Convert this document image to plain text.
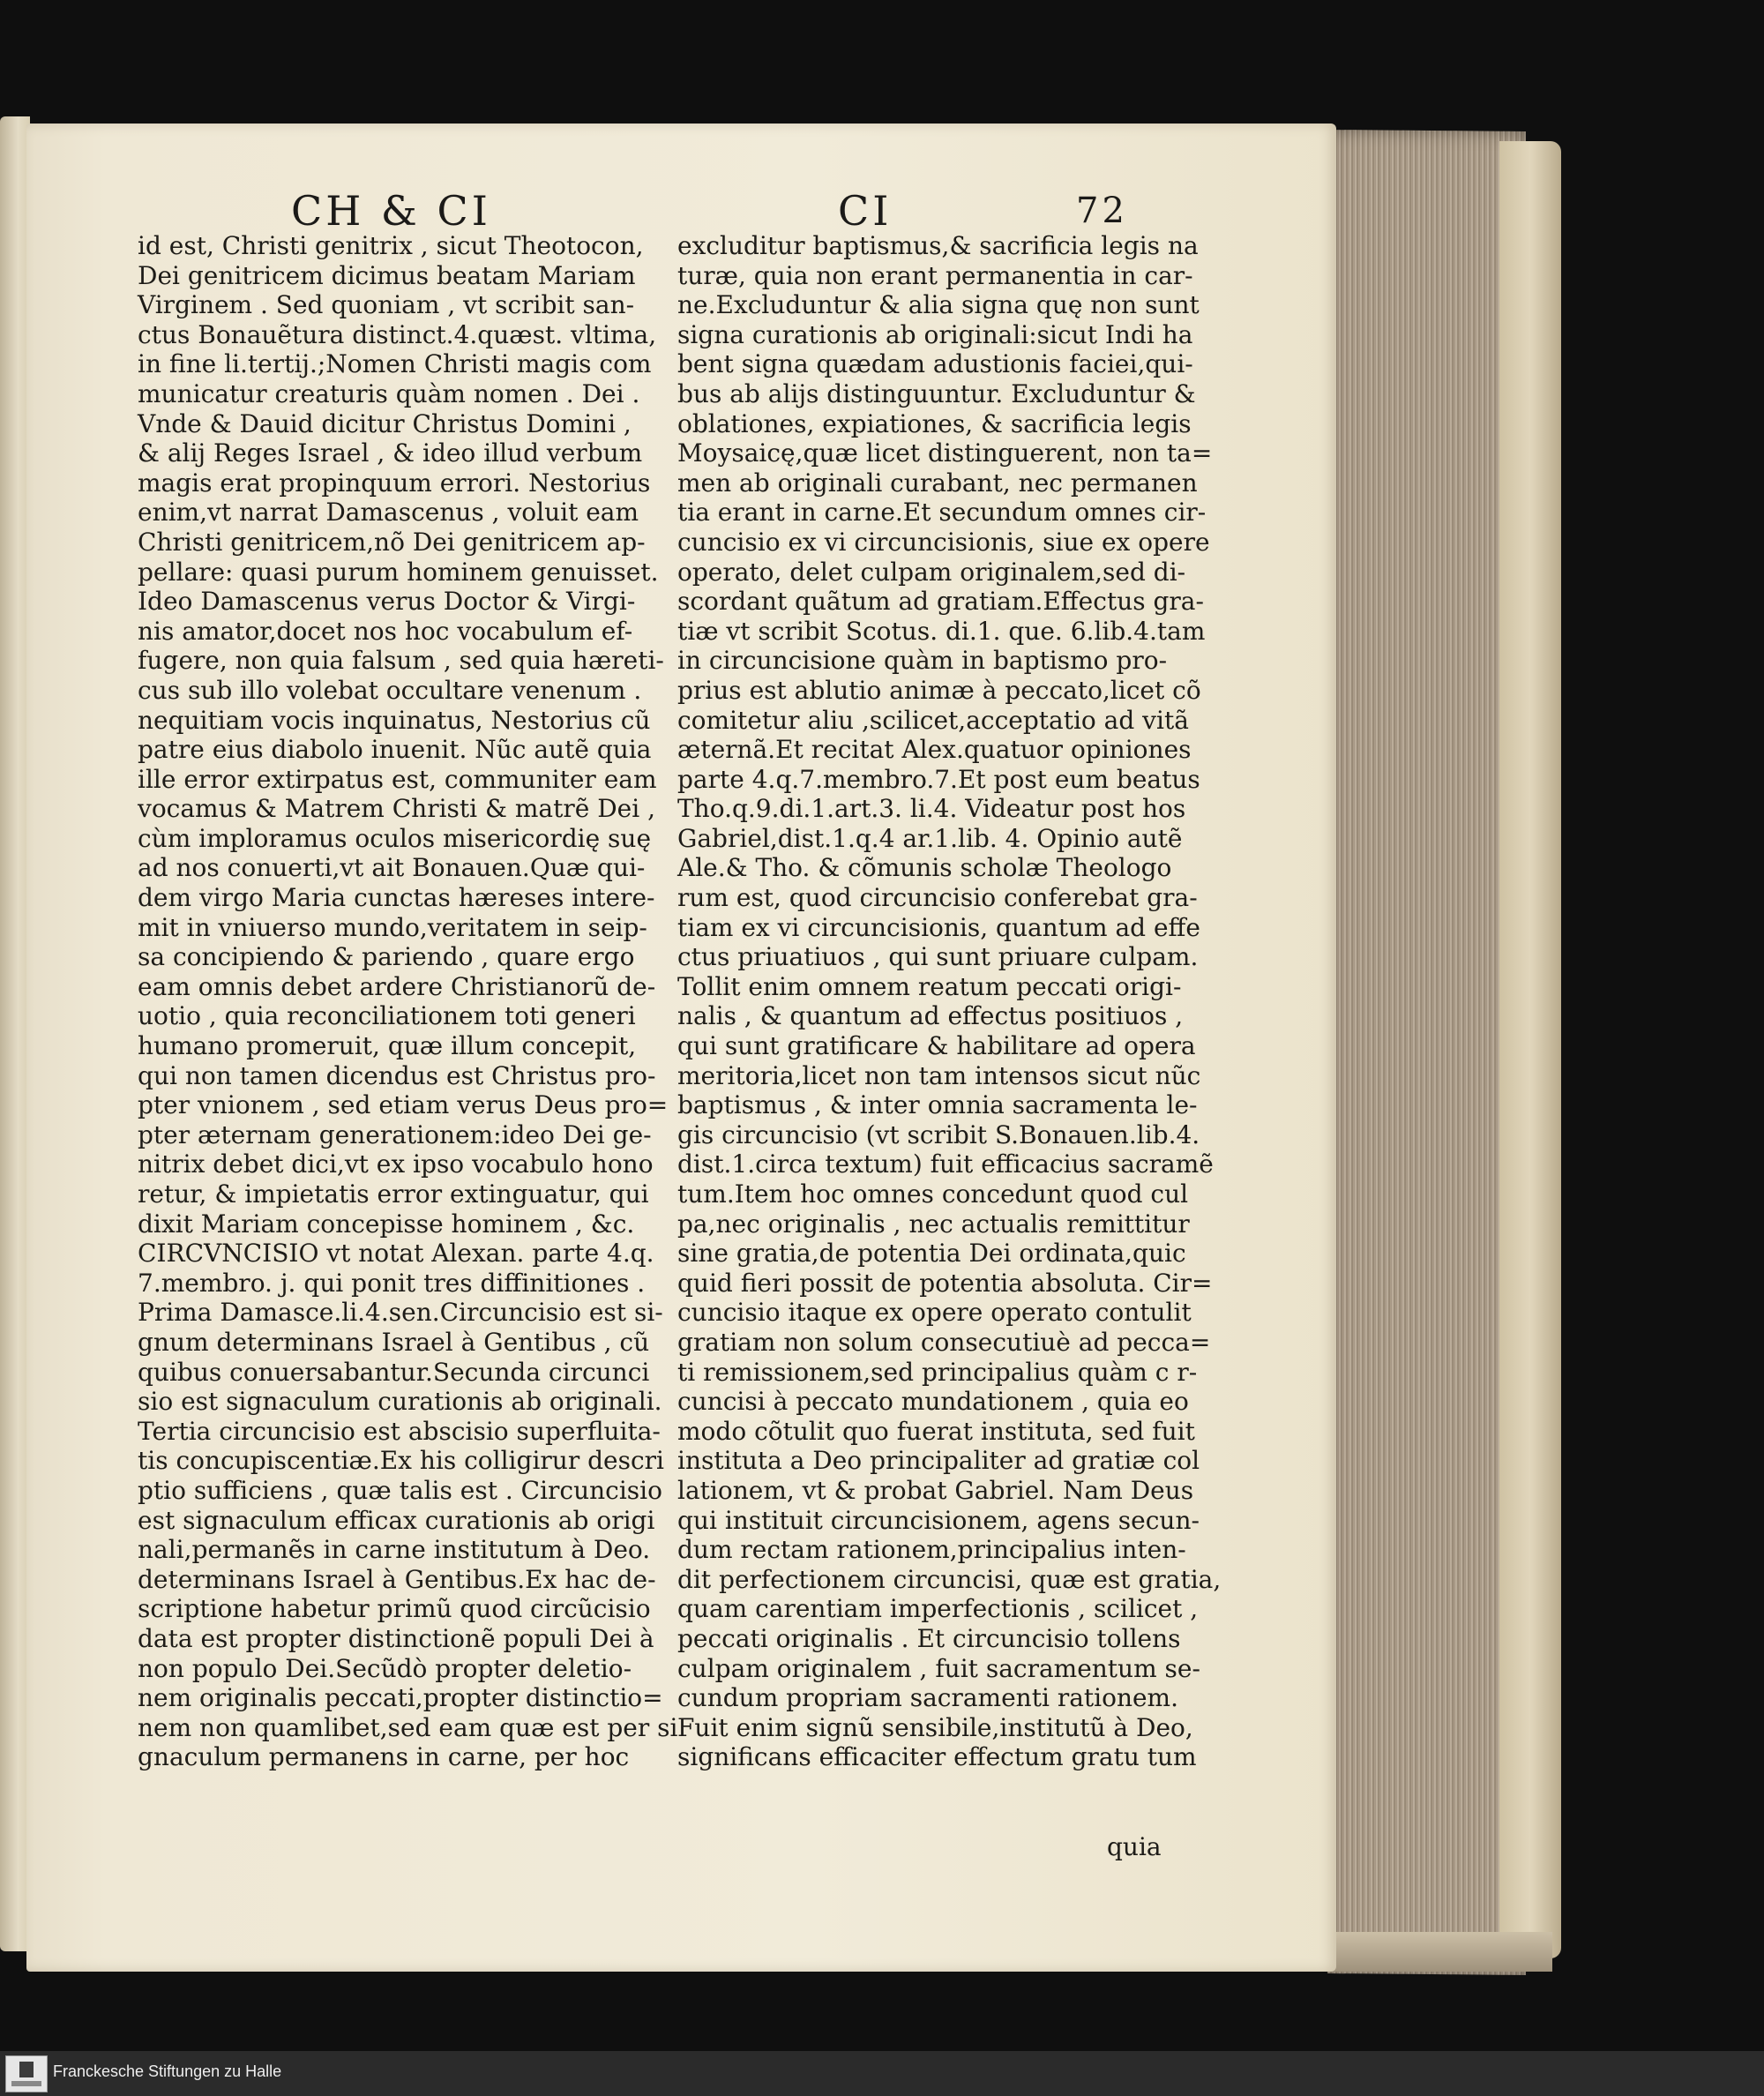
CH & CI	CI	72
id est, Christi genitrix , sicut Theotocon,
Dei genitricem dicimus beatam Mariam
Virginem . Sed quoniam , vt scribit san-
ctus Bonauẽtura distinct.4.quæst. vltima,
in fine li.tertij.;Nomen Christi magis com
municatur creaturis quàm nomen . Dei .
Vnde & Dauid dicitur Christus Domini ,
& alij Reges Israel , & ideo illud verbum
magis erat propinquum errori. Nestorius
enim,vt narrat Damascenus , voluit eam
Christi genitricem,nõ Dei genitricem ap-
pellare: quasi purum hominem genuisset.
Ideo Damascenus verus Doctor & Virgi-
nis amator,docet nos hoc vocabulum ef-
fugere, non quia falsum , sed quia hæreti-
cus sub illo volebat occultare venenum .
nequitiam vocis inquinatus, Nestorius cũ
patre eius diabolo inuenit. Nũc autẽ quia
ille error extirpatus est, communiter eam
vocamus & Matrem Christi & matrẽ Dei ,
cùm imploramus oculos misericordię suę
ad nos conuerti,vt ait Bonauen.Quæ qui-
dem virgo Maria cunctas hæreses intere-
mit in vniuerso mundo,veritatem in seip-
sa concipiendo & pariendo , quare ergo
eam omnis debet ardere Christianorũ de-
uotio , quia reconciliationem toti generi
humano promeruit, quæ illum concepit,
qui non tamen dicendus est Christus pro-
pter vnionem , sed etiam verus Deus pro=
pter æternam generationem:ideo Dei ge-
nitrix debet dici,vt ex ipso vocabulo hono
retur, & impietatis error extinguatur, qui
dixit Mariam concepisse hominem , &c.
CIRCVNCISIO vt notat Alexan. parte 4.q.
7.membro. j. qui ponit tres diffinitiones .
Prima Damasce.li.4.sen.Circuncisio est si-
gnum determinans Israel à Gentibus , cũ
quibus conuersabantur.Secunda circunci
sio est signaculum curationis ab originali.
Tertia circuncisio est abscisio superfluita-
tis concupiscentiæ.Ex his colligirur descri
ptio sufficiens , quæ talis est . Circuncisio
est signaculum efficax curationis ab origi
nali,permanẽs in carne institutum à Deo.
determinans Israel à Gentibus.Ex hac de-
scriptione habetur primũ quod circũcisio
data est propter distinctionẽ populi Dei à
non populo Dei.Secũdò propter deletio-
nem originalis peccati,propter distinctio=
nem non quamlibet,sed eam quæ est per si
gnaculum permanens in carne, per hoc
excluditur baptismus,& sacrificia legis na
turæ, quia non erant permanentia in car-
ne.Excluduntur & alia signa quę non sunt
signa curationis ab originali:sicut Indi ha
bent signa quædam adustionis faciei,qui-
bus ab alijs distinguuntur. Excluduntur &
oblationes, expiationes, & sacrificia legis
Moysaicę,quæ licet distinguerent, non ta=
men ab originali curabant, nec permanen
tia erant in carne.Et secundum omnes cir-
cuncisio ex vi circuncisionis, siue ex opere
operato, delet culpam originalem,sed di-
scordant quãtum ad gratiam.Effectus gra-
tiæ vt scribit Scotus. di.1. que. 6.lib.4.tam
in circuncisione quàm in baptismo pro-
prius est ablutio animæ à peccato,licet cõ
comitetur aliu ,scilicet,acceptatio ad vitã
æternã.Et recitat Alex.quatuor opiniones
parte 4.q.7.membro.7.Et post eum beatus
Tho.q.9.di.1.art.3. li.4. Videatur post hos
Gabriel,dist.1.q.4 ar.1.lib. 4. Opinio autẽ
Ale.& Tho. & cõmunis scholæ Theologo
rum est, quod circuncisio conferebat gra-
tiam ex vi circuncisionis, quantum ad effe
ctus priuatiuos , qui sunt priuare culpam.
Tollit enim omnem reatum peccati origi-
nalis , & quantum ad effectus positiuos ,
qui sunt gratificare & habilitare ad opera
meritoria,licet non tam intensos sicut nũc
baptismus , & inter omnia sacramenta le-
gis circuncisio (vt scribit S.Bonauen.lib.4.
dist.1.circa textum) fuit efficacius sacramẽ
tum.Item hoc omnes concedunt quod cul
pa,nec originalis , nec actualis remittitur
sine gratia,de potentia Dei ordinata,quic
quid fieri possit de potentia absoluta. Cir=
cuncisio itaque ex opere operato contulit
gratiam non solum consecutiuè ad pecca=
ti remissionem,sed principalius quàm c r-
cuncisi à peccato mundationem , quia eo
modo cõtulit quo fuerat instituta, sed fuit
instituta a Deo principaliter ad gratiæ col
lationem, vt & probat Gabriel. Nam Deus
qui instituit circuncisionem, agens secun-
dum rectam rationem,principalius inten-
dit perfectionem circuncisi, quæ est gratia,
quam carentiam imperfectionis , scilicet ,
peccati originalis . Et circuncisio tollens
culpam originalem , fuit sacramentum se-
cundum propriam sacramenti rationem.
Fuit enim signũ sensibile,institutũ à Deo,
significans efficaciter effectum gratu tum
quia
Franckesche Stiftungen zu Halle
